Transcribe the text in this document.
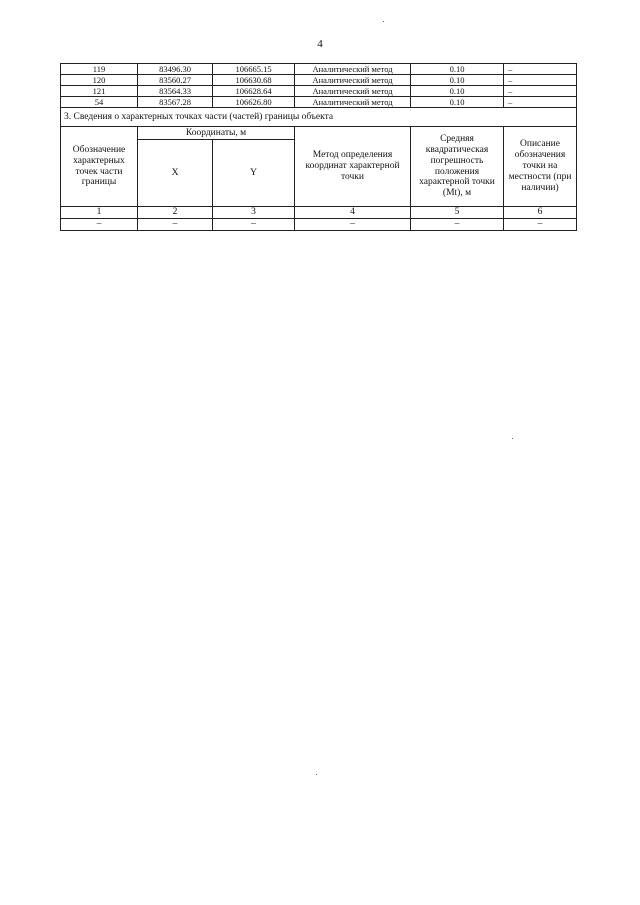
4
119	83496.30	106665.15	Аналитический метод	0.10	–
120	83560.27	106630.68	Аналитический метод	0.10	–
121	83564.33	106628.64	Аналитический метод	0.10	–
54	83567.28	106626.80	Аналитический метод	0.10	–
3. Сведения о характерных точках части (частей) границы объекта					
Обозначение характерных точек части границы	Координаты, м		Метод определения координат характерной точки	Средняя квадратическая погрешность положения характерной точки (Mt), м	Описание обозначения точки на местности (при наличии)
	X	Y			
1	2	3	4	5	6
–	–	–	–	–	–
